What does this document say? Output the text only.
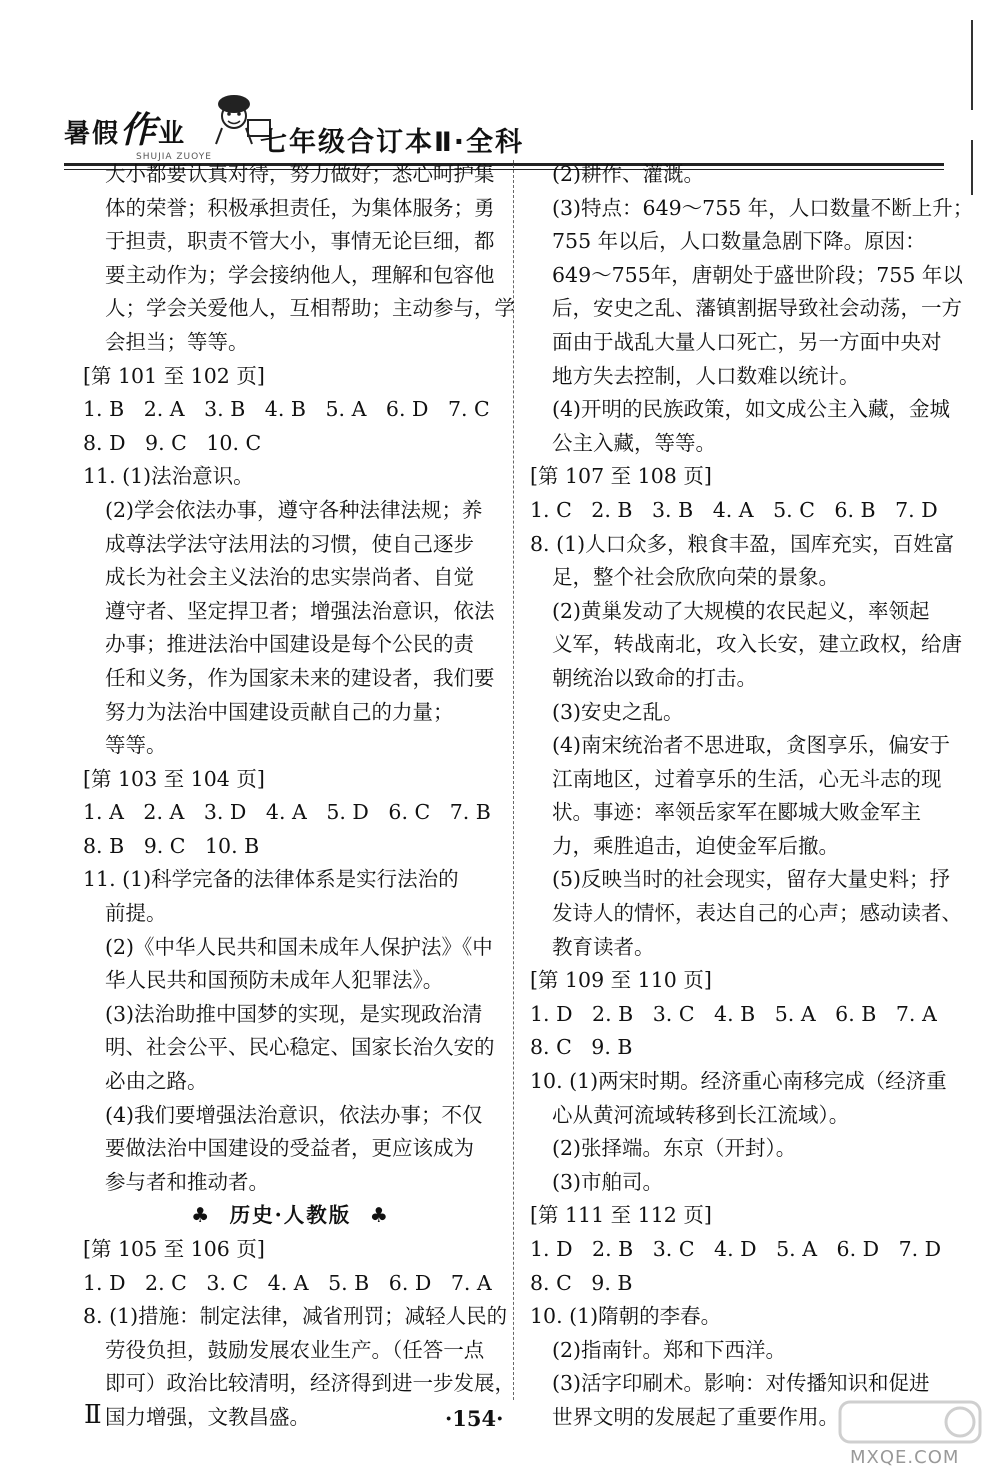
暑假作业
SHUJIA ZUOYE 七年级合订本Ⅱ·全科
大小都要认真对待，努力做好；悉心呵护集
体的荣誉；积极承担责任，为集体服务；勇
于担责，职责不管大小，事情无论巨细，都
要主动作为；学会接纳他人，理解和包容他
人；学会关爱他人，互相帮助；主动参与，学
会担当；等等。
[第 101 至 102 页]
1. B   2. A   3. B   4. B   5. A   6. D   7. C
8. D   9. C   10. C
11. (1)法治意识。
(2)学会依法办事，遵守各种法律法规；养
成尊法学法守法用法的习惯，使自己逐步
成长为社会主义法治的忠实崇尚者、自觉
遵守者、坚定捍卫者；增强法治意识，依法
办事；推进法治中国建设是每个公民的责
任和义务，作为国家未来的建设者，我们要
努力为法治中国建设贡献自己的力量；
等等。
[第 103 至 104 页]
1. A   2. A   3. D   4. A   5. D   6. C   7. B
8. B   9. C   10. B
11. (1)科学完备的法律体系是实行法治的
前提。
(2)《中华人民共和国未成年人保护法》《中
华人民共和国预防未成年人犯罪法》。
(3)法治助推中国梦的实现，是实现政治清
明、社会公平、民心稳定、国家长治久安的
必由之路。
(4)我们要增强法治意识，依法办事；不仅
要做法治中国建设的受益者，更应该成为
参与者和推动者。
♣  历史·人教版  ♣
[第 105 至 106 页]
1. D   2. C   3. C   4. A   5. B   6. D   7. A
8. (1)措施：制定法律，减省刑罚；减轻人民的
劳役负担，鼓励发展农业生产。（任答一点
即可）政治比较清明，经济得到进一步发展，
国力增强，文教昌盛。
(2)耕作、灌溉。
(3)特点：649～755 年，人口数量不断上升；
755 年以后，人口数量急剧下降。原因：
649～755年，唐朝处于盛世阶段；755 年以
后，安史之乱、藩镇割据导致社会动荡，一方
面由于战乱大量人口死亡，另一方面中央对
地方失去控制，人口数难以统计。
(4)开明的民族政策，如文成公主入藏，金城
公主入藏，等等。
[第 107 至 108 页]
1. C   2. B   3. B   4. A   5. C   6. B   7. D
8. (1)人口众多，粮食丰盈，国库充实，百姓富
足，整个社会欣欣向荣的景象。
(2)黄巢发动了大规模的农民起义，率领起
义军，转战南北，攻入长安，建立政权，给唐
朝统治以致命的打击。
(3)安史之乱。
(4)南宋统治者不思进取，贪图享乐，偏安于
江南地区，过着享乐的生活，心无斗志的现
状。事迹：率领岳家军在郾城大败金军主
力，乘胜追击，迫使金军后撤。
(5)反映当时的社会现实，留存大量史料；抒
发诗人的情怀，表达自己的心声；感动读者、
教育读者。
[第 109 至 110 页]
1. D   2. B   3. C   4. B   5. A   6. B   7. A
8. C   9. B
10. (1)两宋时期。经济重心南移完成（经济重
心从黄河流域转移到长江流域）。
(2)张择端。东京（开封）。
(3)市舶司。
[第 111 至 112 页]
1. D   2. B   3. C   4. D   5. A   6. D   7. D
8. C   9. B
10. (1)隋朝的李春。
(2)指南针。郑和下西洋。
(3)活字印刷术。影响：对传播知识和促进
世界文明的发展起了重要作用。
Ⅱ	·154·
MXQE.COM
